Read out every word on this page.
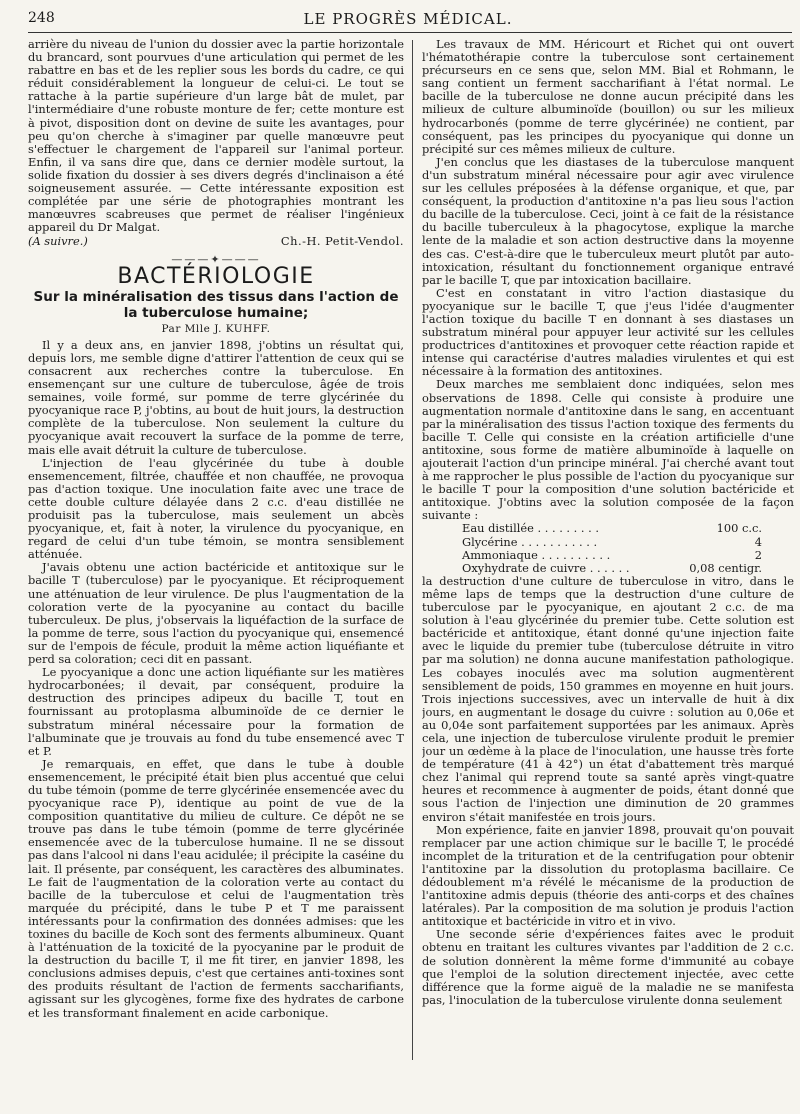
248	LE PROGRÈS MÉDICAL.

arrière du niveau de l'union du dossier avec la partie horizontale du brancard, sont pourvues d'une articulation qui permet de les rabattre en bas et de les replier sous les bords du cadre, ce qui réduit considérablement la longueur de celui-ci. Le tout se rattache à la partie supérieure d'un large bât de mulet, par l'intermédiaire d'une robuste monture de fer; cette monture est à pivot, disposition dont on devine de suite les avantages, pour peu qu'on cherche à s'imaginer par quelle manœuvre peut s'effectuer le chargement de l'appareil sur l'animal porteur. Enfin, il va sans dire que, dans ce dernier modèle surtout, la solide fixation du dossier à ses divers degrés d'inclinaison a été soigneusement assurée. — Cette intéressante exposition est complétée par une série de photographies montrant les manœuvres scabreuses que permet de réaliser l'ingénieux appareil du Dr Malgat.

(A suivre.)	Ch.-H. Petit-Vendol.
———✦———
BACTÉRIOLOGIE
Sur la minéralisation des tissus dans l'action de la tuberculose humaine;
Par Mlle J. KUHFF.

Il y a deux ans, en janvier 1898, j'obtins un résultat qui, depuis lors, me semble digne d'attirer l'attention de ceux qui se consacrent aux recherches contre la tuberculose. En ensemençant sur une culture de tuberculose, âgée de trois semaines, voile formé, sur pomme de terre glycérinée du pyocyanique race P, j'obtins, au bout de huit jours, la destruction complète de la tuberculose. Non seulement la culture du pyocyanique avait recouvert la surface de la pomme de terre, mais elle avait détruit la culture de tuberculose.

L'injection de l'eau glycérinée du tube à double ensemencement, filtrée, chauffée et non chauffée, ne provoqua pas d'action toxique. Une inoculation faite avec une trace de cette double culture délayée dans 2 c.c. d'eau distillée ne produisit pas la tuberculose, mais seulement un abcès pyocyanique, et, fait à noter, la virulence du pyocyanique, en regard de celui d'un tube témoin, se montra sensiblement atténuée.

J'avais obtenu une action bactéricide et antitoxique sur le bacille T (tuberculose) par le pyocyanique. Et réciproquement une atténuation de leur virulence. De plus l'augmentation de la coloration verte de la pyocyanine au contact du bacille tuberculeux. De plus, j'observais la liquéfaction de la surface de la pomme de terre, sous l'action du pyocyanique qui, ensemencé sur de l'empois de fécule, produit la même action liquéfiante et perd sa coloration; ceci dit en passant.

Le pyocyanique a donc une action liquéfiante sur les matières hydrocarbonées; il devait, par conséquent, produire la destruction des principes adipeux du bacille T, tout en fournissant au protoplasma albuminoïde de ce dernier le substratum minéral nécessaire pour la formation de l'albuminate que je trouvais au fond du tube ensemencé avec T et P.

Je remarquais, en effet, que dans le tube à double ensemencement, le précipité était bien plus accentué que celui du tube témoin (pomme de terre glycérinée ensemencée avec du pyocyanique race P), identique au point de vue de la composition quantitative du milieu de culture. Ce dépôt ne se trouve pas dans le tube témoin (pomme de terre glycérinée ensemencée avec de la tuberculose humaine. Il ne se dissout pas dans l'alcool ni dans l'eau acidulée; il précipite la caséine du lait. Il présente, par conséquent, les caractères des albuminates. Le fait de l'augmentation de la coloration verte au contact du bacille de la tuberculose et celui de l'augmentation très marquée du précipité, dans le tube P et T me paraissent intéressants pour la confirmation des données admises: que les toxines du bacille de Koch sont des ferments albumineux. Quant à l'atténuation de la toxicité de la pyocyanine par le produit de la destruction du bacille T, il me fit tirer, en janvier 1898, les conclusions admises depuis, c'est que certaines anti-toxines sont des produits résultant de l'action de ferments saccharifiants, agissant sur les glycogènes, forme fixe des hydrates de carbone et les transformant finalement en acide carbonique.

Les travaux de MM. Héricourt et Richet qui ont ouvert l'hématothérapie contre la tuberculose sont certainement précurseurs en ce sens que, selon MM. Bial et Rohmann, le sang contient un ferment saccharifiant à l'état normal. Le bacille de la tuberculose ne donne aucun précipité dans les milieux de culture albuminoïde (bouillon) ou sur les milieux hydrocarbonés (pomme de terre glycérinée) ne contient, par conséquent, pas les principes du pyocyanique qui donne un précipité sur ces mêmes milieux de culture.

J'en conclus que les diastases de la tuberculose manquent d'un substratum minéral nécessaire pour agir avec virulence sur les cellules préposées à la défense organique, et que, par conséquent, la production d'antitoxine n'a pas lieu sous l'action du bacille de la tuberculose. Ceci, joint à ce fait de la résistance du bacille tuberculeux à la phagocytose, explique la marche lente de la maladie et son action destructive dans la moyenne des cas. C'est-à-dire que le tuberculeux meurt plutôt par auto-intoxication, résultant du fonctionnement organique entravé par le bacille T, que par intoxication bacillaire.

C'est en constatant in vitro l'action diastasique du pyocyanique sur le bacille T, que j'eus l'idée d'augmenter l'action toxique du bacille T en donnant à ses diastases un substratum minéral pour appuyer leur activité sur les cellules productrices d'antitoxines et provoquer cette réaction rapide et intense qui caractérise d'autres maladies virulentes et qui est nécessaire à la formation des antitoxines.

Deux marches me semblaient donc indiquées, selon mes observations de 1898. Celle qui consiste à produire une augmentation normale d'antitoxine dans le sang, en accentuant par la minéralisation des tissus l'action toxique des ferments du bacille T. Celle qui consiste en la création artificielle d'une antitoxine, sous forme de matière albuminoïde à laquelle on ajouterait l'action d'un principe minéral. J'ai cherché avant tout à me rapprocher le plus possible de l'action du pyocyanique sur le bacille T pour la composition d'une solution bactéricide et antitoxique. J'obtins avec la solution composée de la façon suivante :

Eau distillée . . . . . . . . .	100 c.c.
Glycérine . . . . . . . . . . .	4
Ammoniaque . . . . . . . . . .	2
Oxyhydrate de cuivre . . . . . .	0,08 centigr.

la destruction d'une culture de tuberculose in vitro, dans le même laps de temps que la destruction d'une culture de tuberculose par le pyocyanique, en ajoutant 2 c.c. de ma solution à l'eau glycérinée du premier tube. Cette solution est bactéricide et antitoxique, étant donné qu'une injection faite avec le liquide du premier tube (tuberculose détruite in vitro par ma solution) ne donna aucune manifestation pathologique. Les cobayes inoculés avec ma solution augmentèrent sensiblement de poids, 150 grammes en moyenne en huit jours. Trois injections successives, avec un intervalle de huit à dix jours, en augmentant le dosage du cuivre : solution au 0,06e et au 0,04e sont parfaitement supportées par les animaux. Après cela, une injection de tuberculose virulente produit le premier jour un œdème à la place de l'inoculation, une hausse très forte de température (41 à 42°) un état d'abattement très marqué chez l'animal qui reprend toute sa santé après vingt-quatre heures et recommence à augmenter de poids, étant donné que sous l'action de l'injection une diminution de 20 grammes environ s'était manifestée en trois jours.

Mon expérience, faite en janvier 1898, prouvait qu'on pouvait remplacer par une action chimique sur le bacille T, le procédé incomplet de la trituration et de la centrifugation pour obtenir l'antitoxine par la dissolution du protoplasma bacillaire. Ce dédoublement m'a révélé le mécanisme de la production de l'antitoxine admis depuis (théorie des anti-corps et des chaînes latérales). Par la composition de ma solution je produis l'action antitoxique et bactéricide in vitro et in vivo.

Une seconde série d'expériences faites avec le produit obtenu en traitant les cultures vivantes par l'addition de 2 c.c. de solution donnèrent la même forme d'immunité au cobaye que l'emploi de la solution directement injectée, avec cette différence que la forme aiguë de la maladie ne se manifesta pas, l'inoculation de la tuberculose virulente donna seulement
